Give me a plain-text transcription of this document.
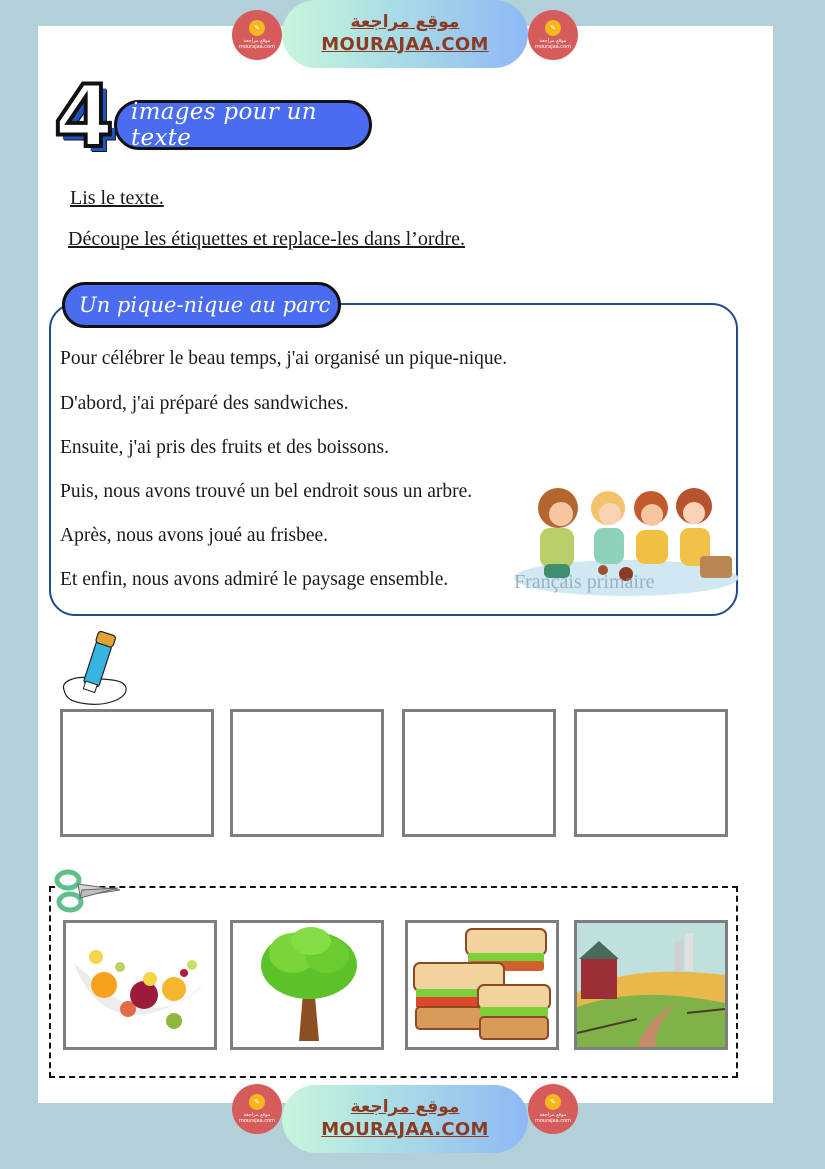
✎
موقع مراجعة mourajaa.com
موقع مراجعة
MOURAJAA.COM
✎
موقع مراجعة mourajaa.com
images pour un texte
4
Lis le texte.
Découpe les étiquettes et replace-les dans l’ordre.
Un pique-nique au parc
Pour célébrer le beau temps, j'ai organisé un pique-nique.
D'abord, j'ai préparé des sandwiches.
Ensuite, j'ai pris des fruits et des boissons.
Puis, nous avons trouvé un bel endroit sous un arbre.
Après, nous avons joué au frisbee.
Et enfin, nous avons admiré le paysage ensemble.	Français primaire
✎
موقع مراجعة mourajaa.com
موقع مراجعة
MOURAJAA.COM
✎
موقع مراجعة mourajaa.com
